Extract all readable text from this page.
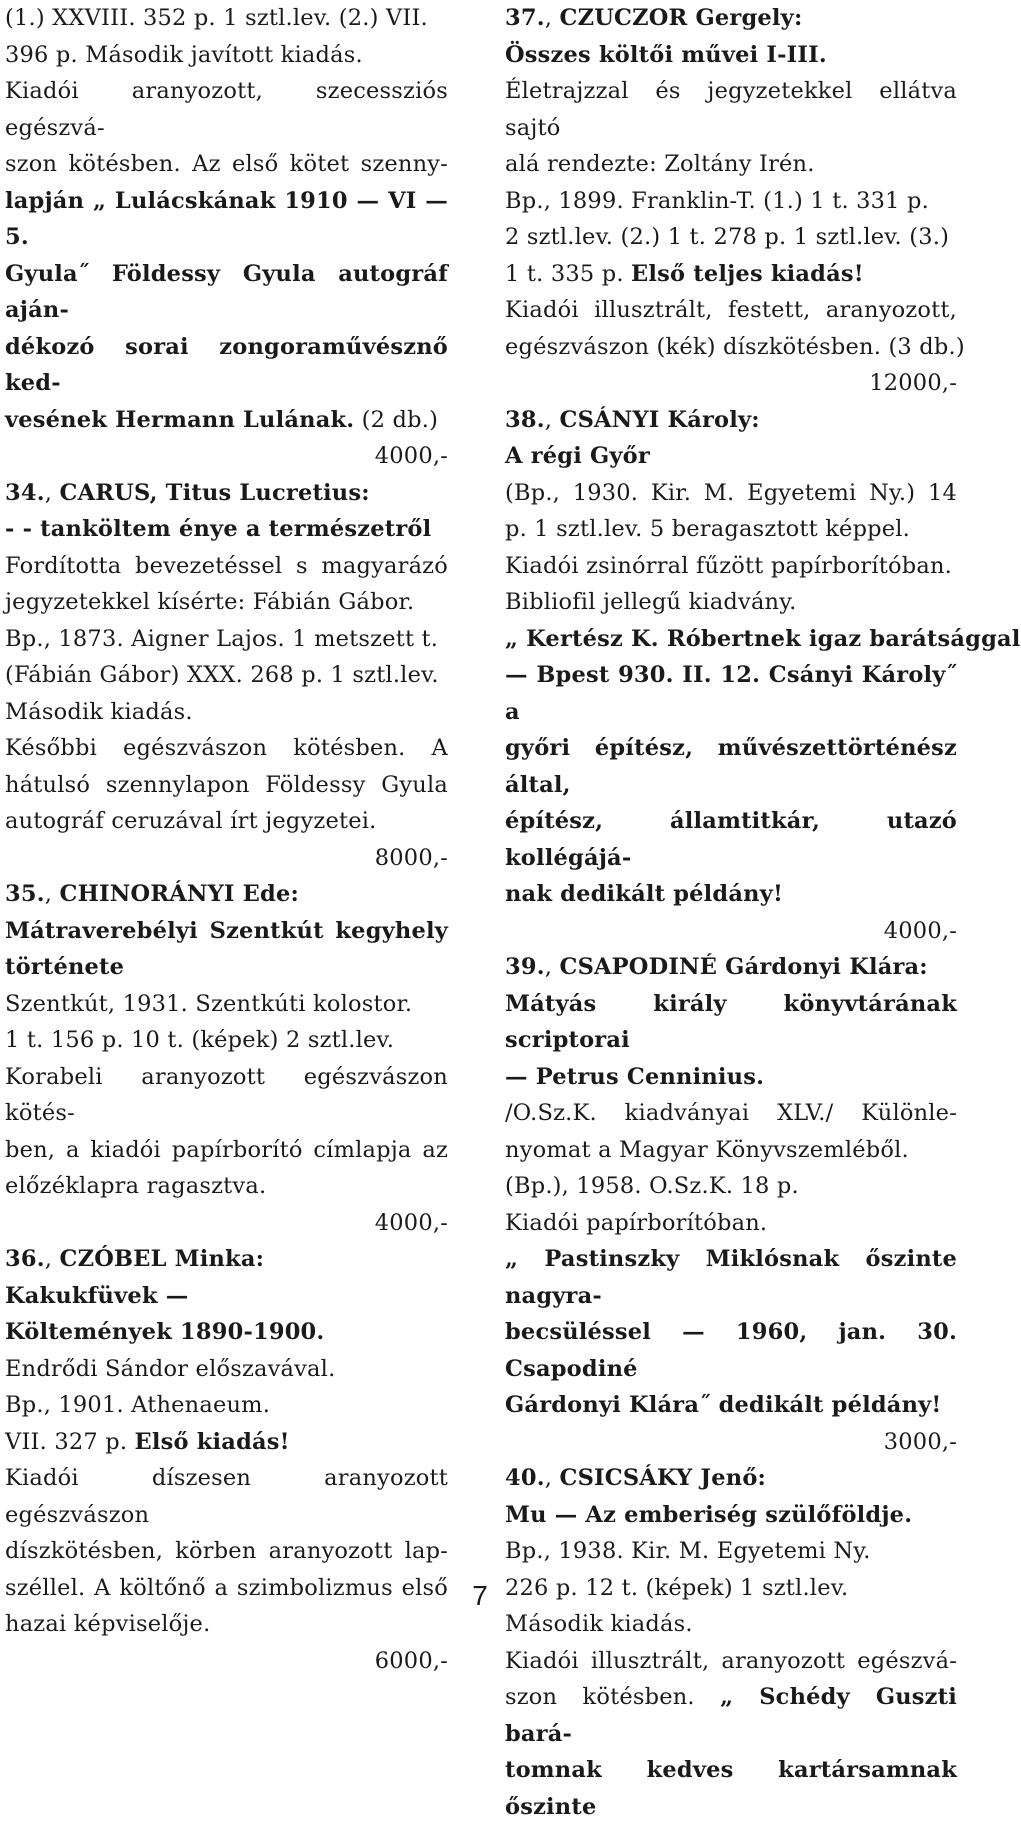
(1.) XXVIII. 352 p. 1 sztl.lev. (2.) VII.
396 p. Második javított kiadás.
Kiadói aranyozott, szecessziós egészvá-
szon kötésben. Az első kötet szenny-
lapján „ Lulácskának 1910 — VI — 5.
Gyula˝ Földessy Gyula autográf aján-
dékozó sorai zongoraművésznő ked-
vesének Hermann Lulának. (2 db.)
4000,-
34., CARUS, Titus Lucretius:
- - tanköltem énye a természetről
Fordította bevezetéssel s magyarázó
jegyzetekkel kísérte: Fábián Gábor.
Bp., 1873. Aigner Lajos. 1 metszett t.
(Fábián Gábor) XXX. 268 p. 1 sztl.lev.
Második kiadás.
Későbbi egészvászon kötésben. A
hátulsó szennylapon Földessy Gyula
autográf ceruzával írt jegyzetei.
8000,-
35., CHINORÁNYI Ede:
Mátraverebélyi Szentkút kegyhely
története
Szentkút, 1931. Szentkúti kolostor.
1 t. 156 p. 10 t. (képek) 2 sztl.lev.
Korabeli aranyozott egészvászon kötés-
ben, a kiadói papírborító címlapja az
előzéklapra ragasztva.
4000,-
36., CZÓBEL Minka:
Kakukfüvek —
Költemények 1890-1900.
Endrődi Sándor előszavával.
Bp., 1901. Athenaeum.
VII. 327 p. Első kiadás!
Kiadói díszesen aranyozott egészvászon
díszkötésben, körben aranyozott lap-
széllel. A költőnő a szimbolizmus első
hazai képviselője.
6000,-
37., CZUCZOR Gergely:
Összes költői művei I-III.
Életrajzzal és jegyzetekkel ellátva sajtó
alá rendezte: Zoltány Irén.
Bp., 1899. Franklin-T. (1.) 1 t. 331 p.
2 sztl.lev. (2.) 1 t. 278 p. 1 sztl.lev. (3.)
1 t. 335 p. Első teljes kiadás!
Kiadói illusztrált, festett, aranyozott,
egészvászon (kék) díszkötésben. (3 db.)
12000,-
38., CSÁNYI Károly:
A régi Győr
(Bp., 1930. Kir. M. Egyetemi Ny.) 14
p. 1 sztl.lev. 5 beragasztott képpel.
Kiadói zsinórral fűzött papírborítóban.
Bibliofil jellegű kiadvány.
„ Kertész K. Róbertnek igaz barátsággal
— Bpest 930. II. 12. Csányi Károly˝ a
győri építész, művészettörténész által,
építész, államtitkár, utazó kollégájá-
nak dedikált példány!
4000,-
39., CSAPODINÉ Gárdonyi Klára:
Mátyás király könyvtárának scriptorai
— Petrus Cenninius.
/O.Sz.K. kiadványai XLV./ Különle-
nyomat a Magyar Könyvszemléből.
(Bp.), 1958. O.Sz.K. 18 p.
Kiadói papírborítóban.
„ Pastinszky Miklósnak őszinte nagyra-
becsüléssel — 1960, jan. 30. Csapodiné
Gárdonyi Klára˝ dedikált példány!
3000,-
40., CSICSÁKY Jenő:
Mu — Az emberiség szülőföldje.
Bp., 1938. Kir. M. Egyetemi Ny.
226 p. 12 t. (képek) 1 sztl.lev.
Második kiadás.
Kiadói illusztrált, aranyozott egészvá-
szon kötésben. „ Schédy Guszti bará-
tomnak kedves kartársamnak őszinte
7
